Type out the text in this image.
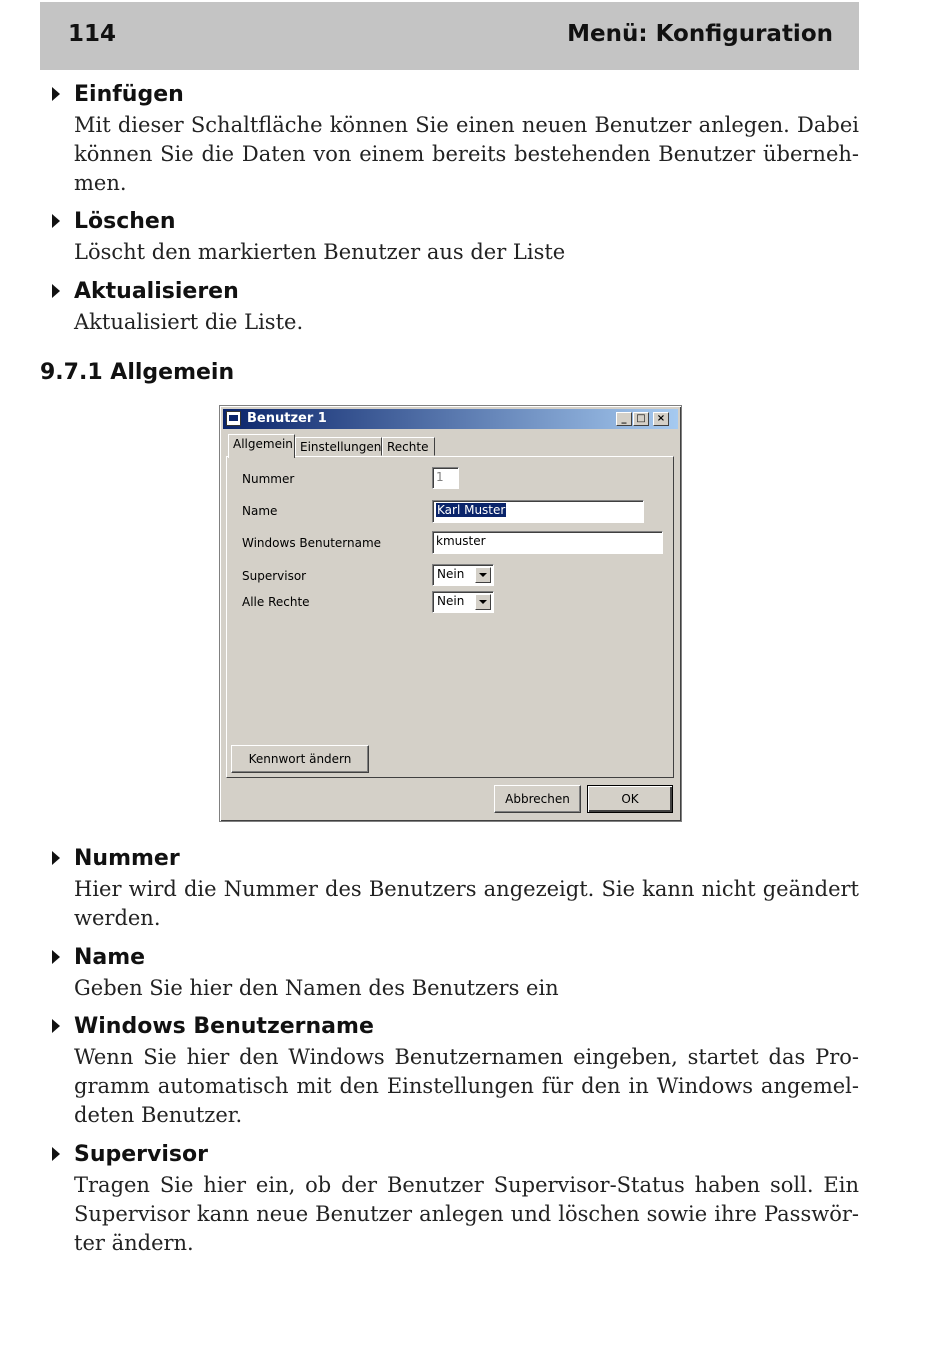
114	Menü: Konfiguration
Einfügen
Mit dieser Schaltfläche können Sie einen neuen Benutzer anlegen. Dabei
können Sie die Daten von einem bereits bestehenden Benutzer überneh-
men.
Löschen
Löscht den markierten Benutzer aus der Liste
Aktualisieren
Aktualisiert die Liste.
9.7.1 Allgemein
Benutzer 1	_ □	×
Allgemein Einstellungen Rechte
Nummer	1
Name	Karl Muster
Windows Benutername	kmuster
Supervisor	Nein
Alle Rechte	Nein
Kennwort ändern
Abbrechen	OK
Nummer
Hier wird die Nummer des Benutzers angezeigt. Sie kann nicht geändert
werden.
Name
Geben Sie hier den Namen des Benutzers ein
Windows Benutzername
Wenn Sie hier den Windows Benutzernamen eingeben, startet das Pro-
gramm automatisch mit den Einstellungen für den in Windows angemel-
deten Benutzer.
Supervisor
Tragen Sie hier ein, ob der Benutzer Supervisor-Status haben soll. Ein
Supervisor kann neue Benutzer anlegen und löschen sowie ihre Passwör-
ter ändern.
